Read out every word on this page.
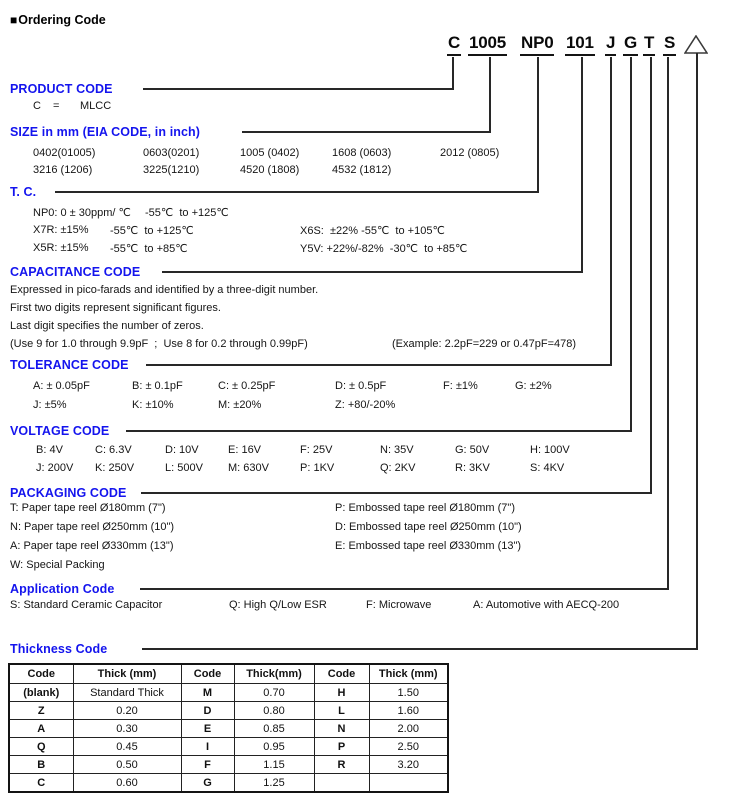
■Ordering Code
C 1005 NP0 101 J G T S
PRODUCT CODE
SIZE in mm (EIA CODE, in inch)
T. C.
CAPACITANCE CODE
TOLERANCE CODE
VOLTAGE CODE
PACKAGING CODE
Application Code
Thickness Code
C = MLCC
0402(01005)	0603(0201)	1005 (0402)	1608 (0603)	2012 (0805)
3216 (1206)	3225(1210)	4520 (1808)	4532 (1812)
NP0: 0 ± 30ppm/ ℃ -55℃  to +125℃
X7R: ±15% -55℃  to +125℃	X6S:  ±22% -55℃  to +105℃
X5R: ±15% -55℃  to +85℃	Y5V: +22%/-82%  -30℃  to +85℃
Expressed in pico-farads and identified by a three-digit number.
First two digits represent significant figures.
Last digit specifies the number of zeros.
(Use 9 for 1.0 through 9.9pF  ;  Use 8 for 0.2 through 0.99pF)	(Example: 2.2pF=229 or 0.47pF=478)
A: ± 0.05pF	B: ± 0.1pF	C: ± 0.25pF	D: ± 0.5pF	F: ±1%	G: ±2%
J: ±5%	K: ±10%	M: ±20%	Z: +80/-20%
B: 4V	C: 6.3V	D: 10V	E: 16V	F: 25V	N: 35V	G: 50V	H: 100V
J: 200V K: 250V	L: 500V M: 630V	P: 1KV	Q: 2KV	R: 3KV	S: 4KV
T: Paper tape reel Ø180mm (7")	P: Embossed tape reel Ø180mm (7")
N: Paper tape reel Ø250mm (10")	D: Embossed tape reel Ø250mm (10")
A: Paper tape reel Ø330mm (13")	E: Embossed tape reel Ø330mm (13")
W: Special Packing
S: Standard Ceramic Capacitor	Q: High Q/Low ESR	F: Microwave	A: Automotive with AECQ-200
Code	Thick (mm)	Code	Thick(mm)	Code	Thick (mm)
(blank)	Standard Thick	M	0.70	H	1.50
Z	0.20	D	0.80	L	1.60
A	0.30	E	0.85	N	2.00
Q	0.45	I	0.95	P	2.50
B	0.50	F	1.15	R	3.20
C	0.60	G	1.25		
